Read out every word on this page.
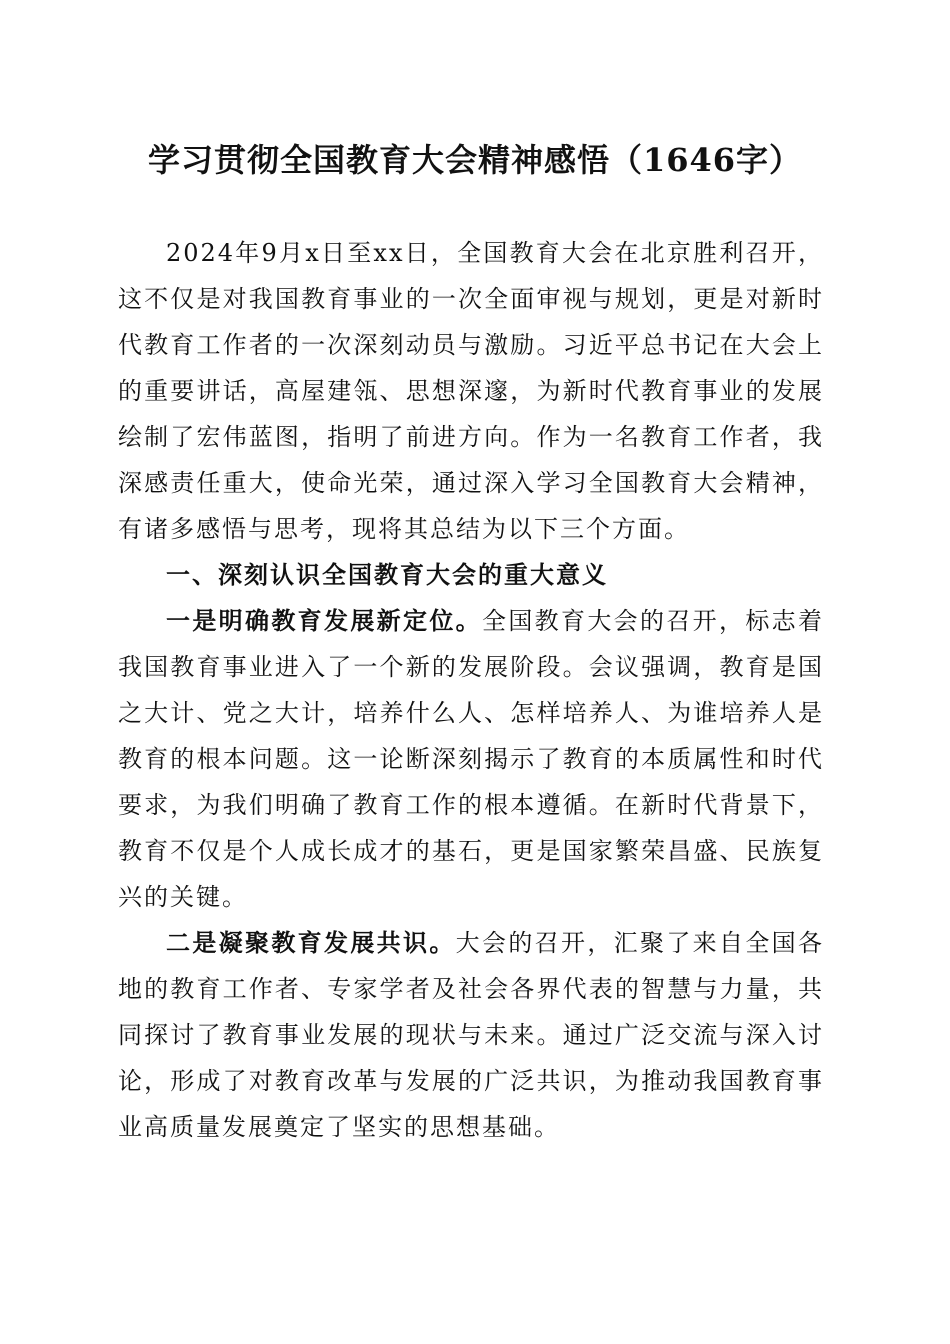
学习贯彻全国教育大会精神感悟（1646字）

2024年9月x日至xx日，全国教育大会在北京胜利召开，这不仅是对我国教育事业的一次全面审视与规划，更是对新时代教育工作者的一次深刻动员与激励。习近平总书记在大会上的重要讲话，高屋建瓴、思想深邃，为新时代教育事业的发展绘制了宏伟蓝图，指明了前进方向。作为一名教育工作者，我深感责任重大，使命光荣，通过深入学习全国教育大会精神，有诸多感悟与思考，现将其总结为以下三个方面。

一、深刻认识全国教育大会的重大意义

一是明确教育发展新定位。全国教育大会的召开，标志着我国教育事业进入了一个新的发展阶段。会议强调，教育是国之大计、党之大计，培养什么人、怎样培养人、为谁培养人是教育的根本问题。这一论断深刻揭示了教育的本质属性和时代要求，为我们明确了教育工作的根本遵循。在新时代背景下，教育不仅是个人成长成才的基石，更是国家繁荣昌盛、民族复兴的关键。

二是凝聚教育发展共识。大会的召开，汇聚了来自全国各地的教育工作者、专家学者及社会各界代表的智慧与力量，共同探讨了教育事业发展的现状与未来。通过广泛交流与深入讨论，形成了对教育改革与发展的广泛共识，为推动我国教育事业高质量发展奠定了坚实的思想基础。
